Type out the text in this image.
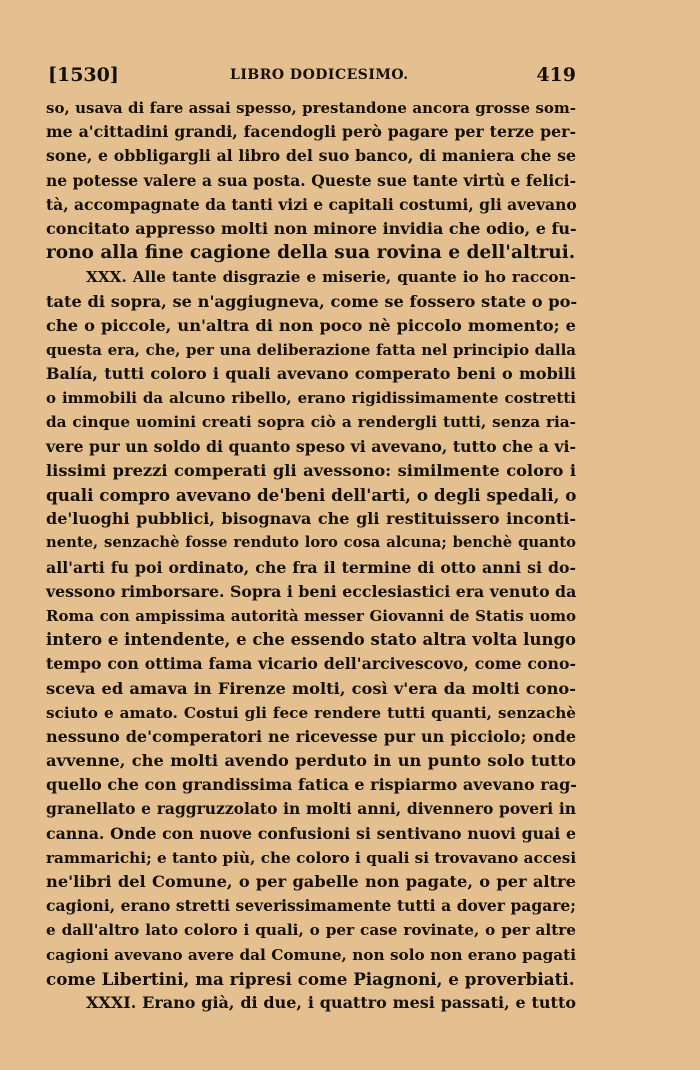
[1530]	LIBRO DODICESIMO.	419
so, usava di fare assai spesso, prestandone ancora grosse som-
me a'cittadini grandi, facendogli però pagare per terze per-
sone, e obbligargli al libro del suo banco, di maniera che se
ne potesse valere a sua posta. Queste sue tante virtù e felici-
tà, accompagnate da tanti vizi e capitali costumi, gli avevano
concitato appresso molti non minore invidia che odio, e fu-
rono alla fine cagione della sua rovina e dell'altrui.
XXX. Alle tante disgrazie e miserie, quante io ho raccon-
tate di sopra, se n'aggiugneva, come se fossero state o po-
che o piccole, un'altra di non poco nè piccolo momento; e
questa era, che, per una deliberazione fatta nel principio dalla
Balía, tutti coloro i quali avevano comperato beni o mobili
o immobili da alcuno ribello, erano rigidissimamente costretti
da cinque uomini creati sopra ciò a rendergli tutti, senza ria-
vere pur un soldo di quanto speso vi avevano, tutto che a vi-
lissimi prezzi comperati gli avessono: similmente coloro i
quali compro avevano de'beni dell'arti, o degli spedali, o
de'luoghi pubblici, bisognava che gli restituissero inconti-
nente, senzachè fosse renduto loro cosa alcuna; benchè quanto
all'arti fu poi ordinato, che fra il termine di otto anni si do-
vessono rimborsare. Sopra i beni ecclesiastici era venuto da
Roma con ampissima autorità messer Giovanni de Statis uomo
intero e intendente, e che essendo stato altra volta lungo
tempo con ottima fama vicario dell'arcivescovo, come cono-
sceva ed amava in Firenze molti, così v'era da molti cono-
sciuto e amato. Costui gli fece rendere tutti quanti, senzachè
nessuno de'comperatori ne ricevesse pur un picciolo; onde
avvenne, che molti avendo perduto in un punto solo tutto
quello che con grandissima fatica e rispiarmo avevano rag-
granellato e raggruzzolato in molti anni, divennero poveri in
canna. Onde con nuove confusioni si sentivano nuovi guai e
rammarichi; e tanto più, che coloro i quali si trovavano accesi
ne'libri del Comune, o per gabelle non pagate, o per altre
cagioni, erano stretti severissimamente tutti a dover pagare;
e dall'altro lato coloro i quali, o per case rovinate, o per altre
cagioni avevano avere dal Comune, non solo non erano pagati
come Libertini, ma ripresi come Piagnoni, e proverbiati.
XXXI. Erano già, di due, i quattro mesi passati, e tutto
